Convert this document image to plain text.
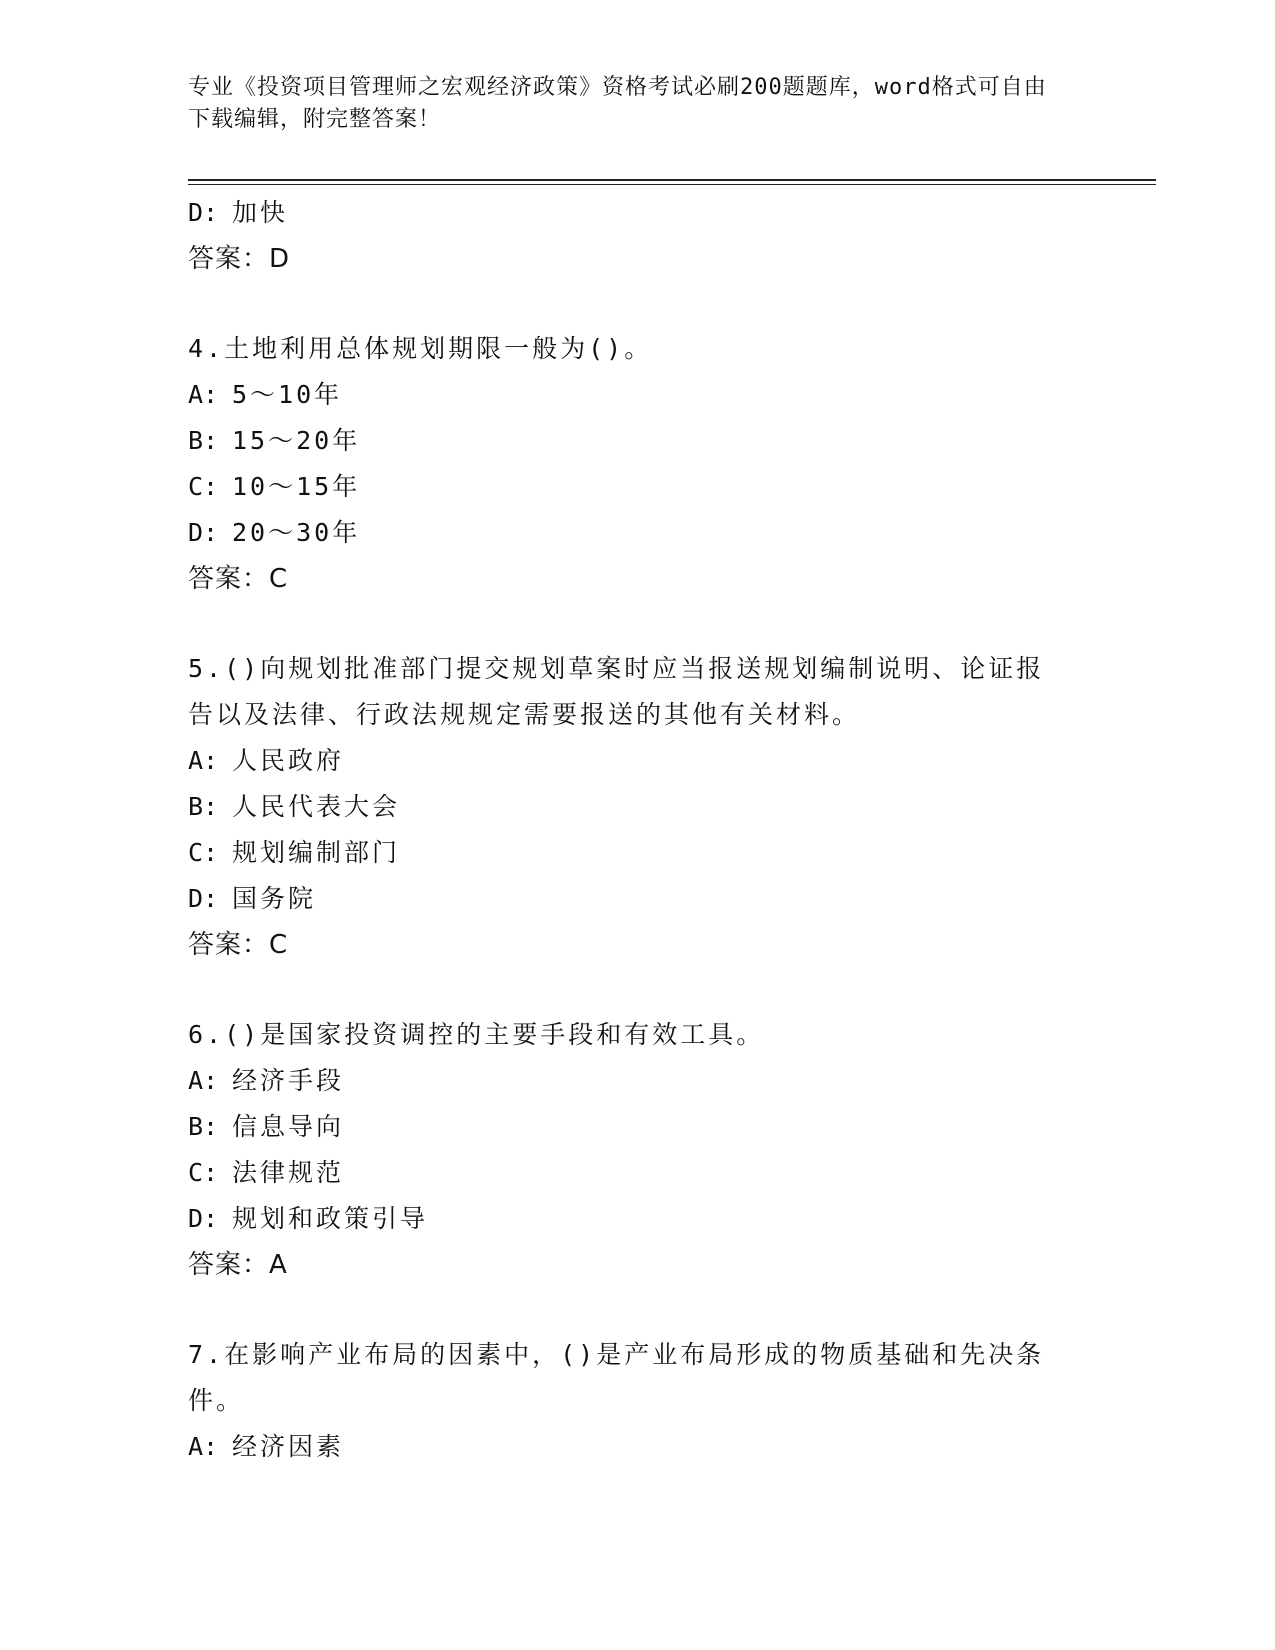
专业《投资项目管理师之宏观经济政策》资格考试必刷200题题库，word格式可自由下载编辑，附完整答案！
D: 加快
答案：D
4.土地利用总体规划期限一般为()。
A: 5～10年
B: 15～20年
C: 10～15年
D: 20～30年
答案：C
5.()向规划批准部门提交规划草案时应当报送规划编制说明、论证报告以及法律、行政法规规定需要报送的其他有关材料。
A: 人民政府
B: 人民代表大会
C: 规划编制部门
D: 国务院
答案：C
6.()是国家投资调控的主要手段和有效工具。
A: 经济手段
B: 信息导向
C: 法律规范
D: 规划和政策引导
答案：A
7.在影响产业布局的因素中，()是产业布局形成的物质基础和先决条件。
A: 经济因素
